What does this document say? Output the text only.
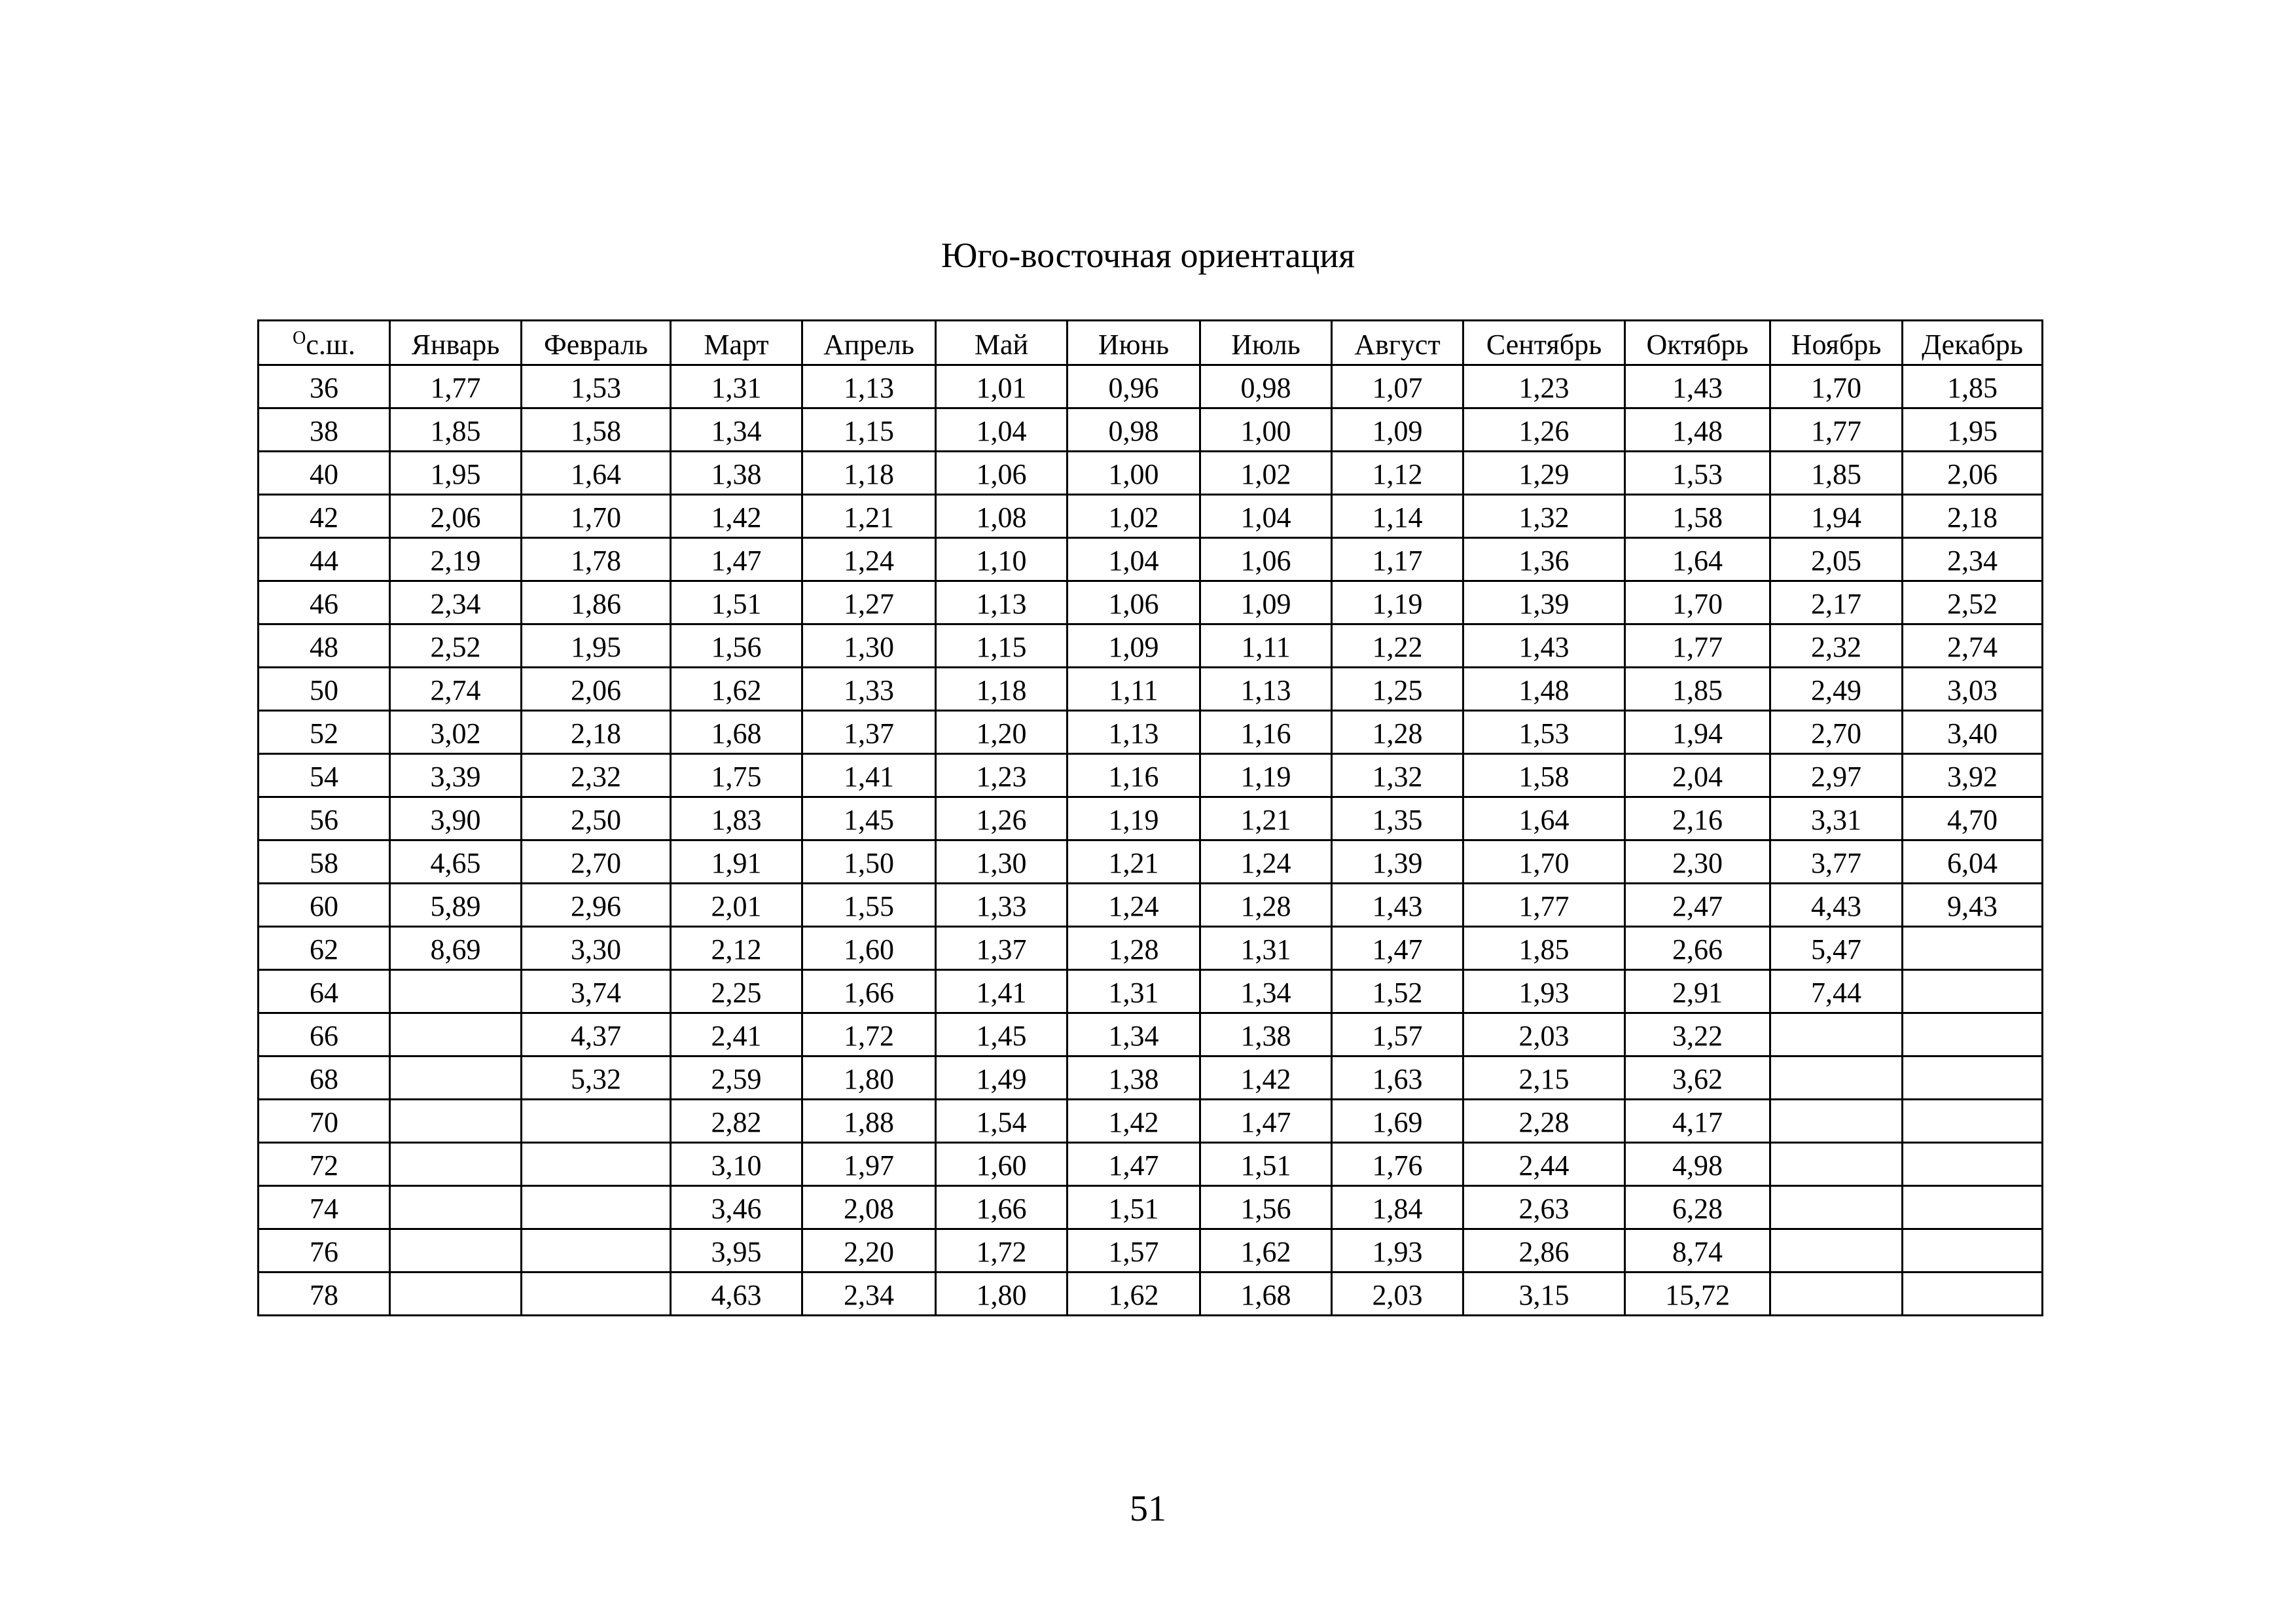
Юго-восточная ориентация
$^O$с.ш.	Январь	Февраль	Март	Апрель	Май	Июнь	Июль	Август	Сентябрь	Октябрь	Ноябрь	Декабрь
36	1,77	1,53	1,31	1,13	1,01	0,96	0,98	1,07	1,23	1,43	1,70	1,85
38	1,85	1,58	1,34	1,15	1,04	0,98	1,00	1,09	1,26	1,48	1,77	1,95
40	1,95	1,64	1,38	1,18	1,06	1,00	1,02	1,12	1,29	1,53	1,85	2,06
42	2,06	1,70	1,42	1,21	1,08	1,02	1,04	1,14	1,32	1,58	1,94	2,18
44	2,19	1,78	1,47	1,24	1,10	1,04	1,06	1,17	1,36	1,64	2,05	2,34
46	2,34	1,86	1,51	1,27	1,13	1,06	1,09	1,19	1,39	1,70	2,17	2,52
48	2,52	1,95	1,56	1,30	1,15	1,09	1,11	1,22	1,43	1,77	2,32	2,74
50	2,74	2,06	1,62	1,33	1,18	1,11	1,13	1,25	1,48	1,85	2,49	3,03
52	3,02	2,18	1,68	1,37	1,20	1,13	1,16	1,28	1,53	1,94	2,70	3,40
54	3,39	2,32	1,75	1,41	1,23	1,16	1,19	1,32	1,58	2,04	2,97	3,92
56	3,90	2,50	1,83	1,45	1,26	1,19	1,21	1,35	1,64	2,16	3,31	4,70
58	4,65	2,70	1,91	1,50	1,30	1,21	1,24	1,39	1,70	2,30	3,77	6,04
60	5,89	2,96	2,01	1,55	1,33	1,24	1,28	1,43	1,77	2,47	4,43	9,43
62	8,69	3,30	2,12	1,60	1,37	1,28	1,31	1,47	1,85	2,66	5,47	
64		3,74	2,25	1,66	1,41	1,31	1,34	1,52	1,93	2,91	7,44	
66		4,37	2,41	1,72	1,45	1,34	1,38	1,57	2,03	3,22		
68		5,32	2,59	1,80	1,49	1,38	1,42	1,63	2,15	3,62		
70			2,82	1,88	1,54	1,42	1,47	1,69	2,28	4,17		
72			3,10	1,97	1,60	1,47	1,51	1,76	2,44	4,98		
74			3,46	2,08	1,66	1,51	1,56	1,84	2,63	6,28		
76			3,95	2,20	1,72	1,57	1,62	1,93	2,86	8,74		
78			4,63	2,34	1,80	1,62	1,68	2,03	3,15	15,72		
51
